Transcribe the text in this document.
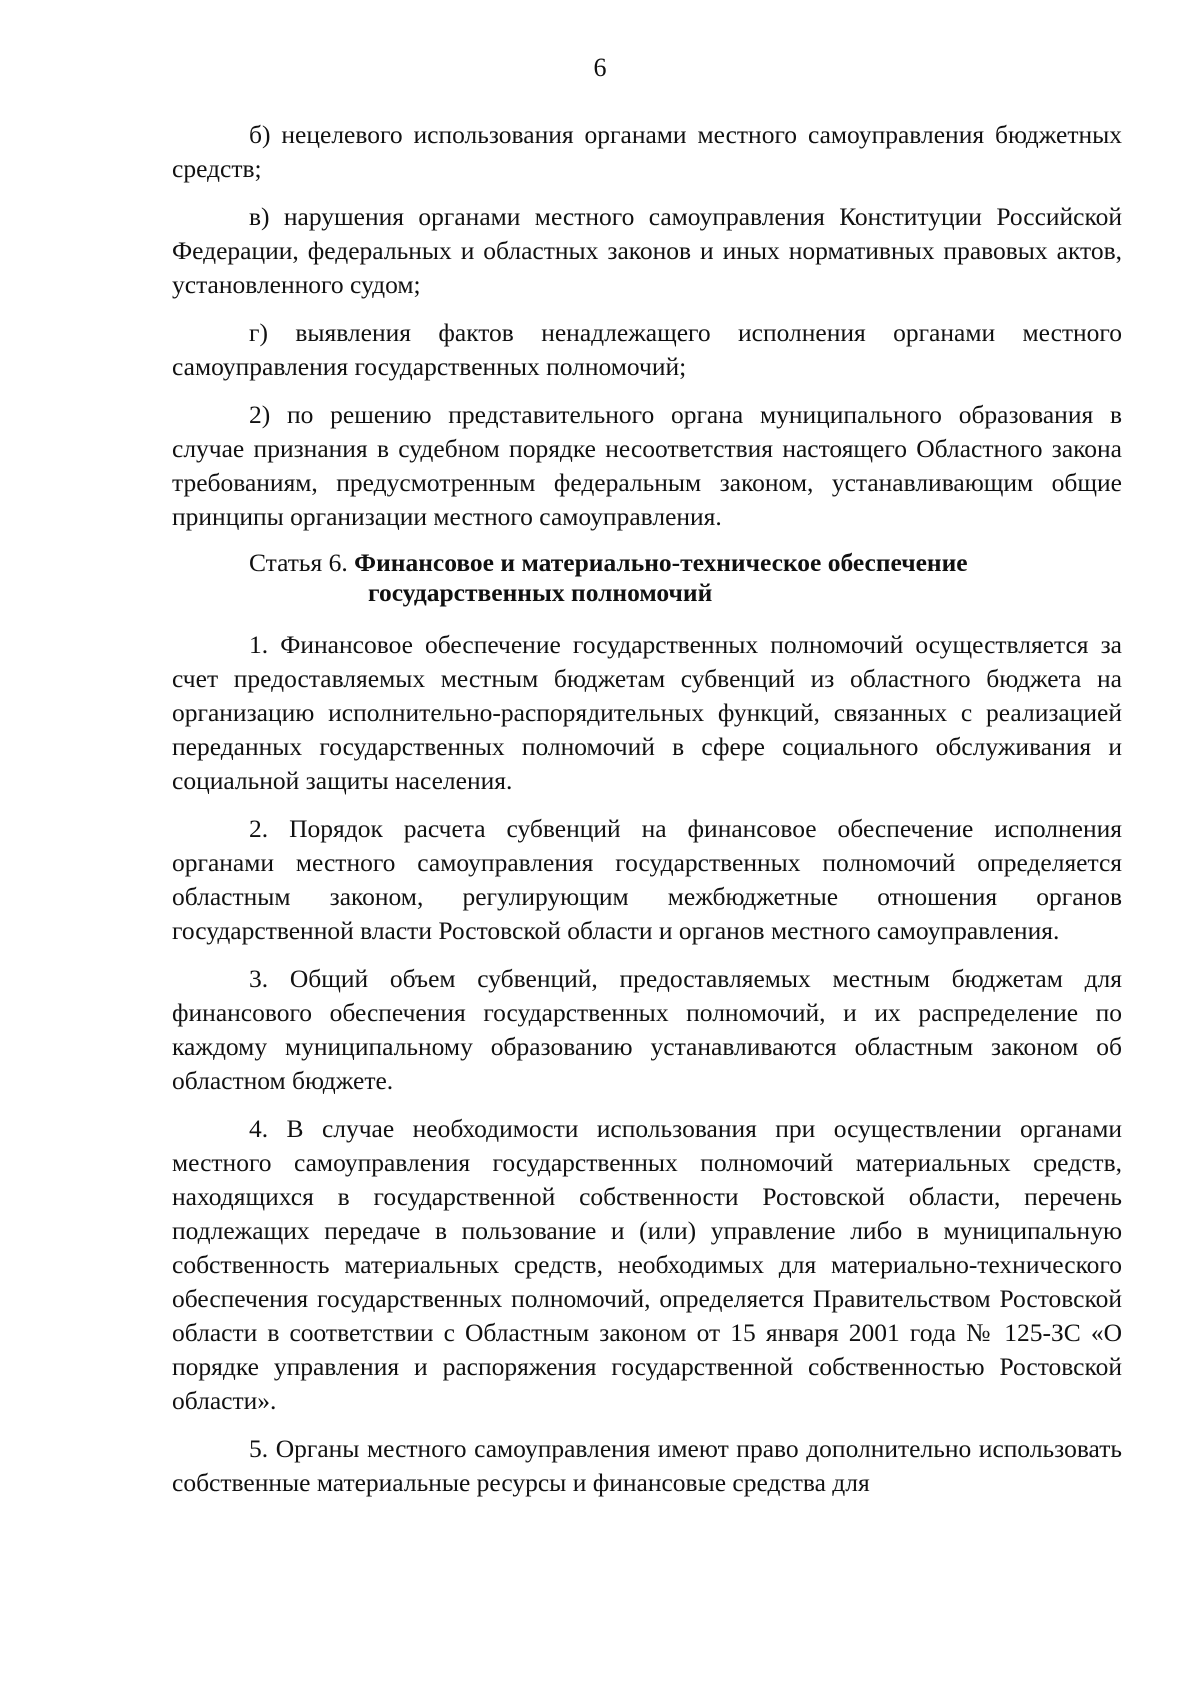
6

б) нецелевого использования органами местного самоуправления бюджетных средств;

в) нарушения органами местного самоуправления Конституции Российской Федерации, федеральных и областных законов и иных нормативных правовых актов, установленного судом;

г) выявления фактов ненадлежащего исполнения органами местного самоуправления государственных полномочий;

2) по решению представительного органа муниципального образования в случае признания в судебном порядке несоответствия настоящего Областного закона требованиям, предусмотренным федеральным законом, устанавливающим общие принципы организации местного самоуправления.

Статья 6. Финансовое и материально-техническое обеспечение
государственных полномочий

1. Финансовое обеспечение государственных полномочий осуществляется за счет предоставляемых местным бюджетам субвенций из областного бюджета на организацию исполнительно-распорядительных функций, связанных с реализацией переданных государственных полномочий в сфере социального обслуживания и социальной защиты населения.

2. Порядок расчета субвенций на финансовое обеспечение исполнения органами местного самоуправления государственных полномочий определяется областным законом, регулирующим межбюджетные отношения органов государственной власти Ростовской области и органов местного самоуправления.

3. Общий объем субвенций, предоставляемых местным бюджетам для финансового обеспечения государственных полномочий, и их распределение по каждому муниципальному образованию устанавливаются областным законом об областном бюджете.

4. В случае необходимости использования при осуществлении органами местного самоуправления государственных полномочий материальных средств, находящихся в государственной собственности Ростовской области, перечень подлежащих передаче в пользование и (или) управление либо в муниципальную собственность материальных средств, необходимых для материально-технического обеспечения государственных полномочий, определяется Правительством Ростовской области в соответствии с Областным законом от 15 января 2001 года № 125-ЗС «О порядке управления и распоряжения государственной собственностью Ростовской области».

5. Органы местного самоуправления имеют право дополнительно использовать собственные материальные ресурсы и финансовые средства для
